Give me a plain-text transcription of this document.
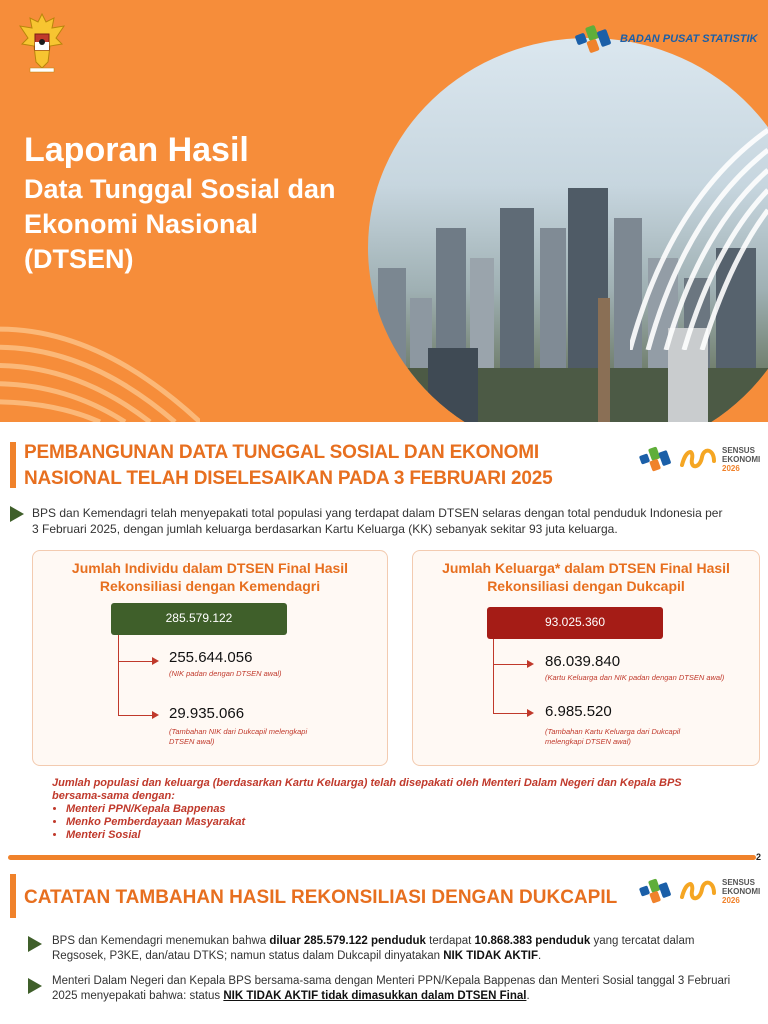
BADAN PUSAT STATISTIK
Laporan Hasil
Data Tunggal Sosial dan Ekonomi Nasional (DTSEN)
PEMBANGUNAN DATA TUNGGAL SOSIAL DAN EKONOMI NASIONAL TELAH DISELESAIKAN PADA 3 FEBRUARI 2025
SENSUS
EKONOMI
2026
BPS dan Kemendagri telah menyepakati total populasi yang terdapat dalam DTSEN selaras dengan total penduduk Indonesia per 3 Februari 2025, dengan jumlah keluarga berdasarkan Kartu Keluarga (KK) sebanyak sekitar 93 juta keluarga.
Jumlah Individu dalam DTSEN Final Hasil Rekonsiliasi dengan Kemendagri
285.579.122
255.644.056
(NIK padan dengan DTSEN awal)
29.935.066
(Tambahan NIK dari Dukcapil melengkapi DTSEN awal)
Jumlah Keluarga* dalam DTSEN Final Hasil Rekonsiliasi dengan Dukcapil
93.025.360
86.039.840
(Kartu Keluarga dan NIK padan dengan DTSEN awal)
6.985.520
(Tambahan Kartu Keluarga dari Dukcapil melengkapi DTSEN awal)
Jumlah populasi dan keluarga (berdasarkan Kartu Keluarga) telah disepakati oleh Menteri Dalam Negeri dan Kepala BPS bersama-sama dengan:
• Menteri PPN/Kepala Bappenas
• Menko Pemberdayaan Masyarakat
• Menteri Sosial
2
CATATAN TAMBAHAN HASIL REKONSILIASI DENGAN DUKCAPIL
SENSUS
EKONOMI
2026
BPS dan Kemendagri menemukan bahwa diluar 285.579.122 penduduk terdapat 10.868.383 penduduk yang tercatat dalam Regsosek, P3KE, dan/atau DTKS; namun status dalam Dukcapil dinyatakan NIK TIDAK AKTIF.
Menteri Dalam Negeri dan Kepala BPS bersama-sama dengan Menteri PPN/Kepala Bappenas dan Menteri Sosial tanggal 3 Februari 2025 menyepakati bahwa: status NIK TIDAK AKTIF tidak dimasukkan dalam DTSEN Final.
